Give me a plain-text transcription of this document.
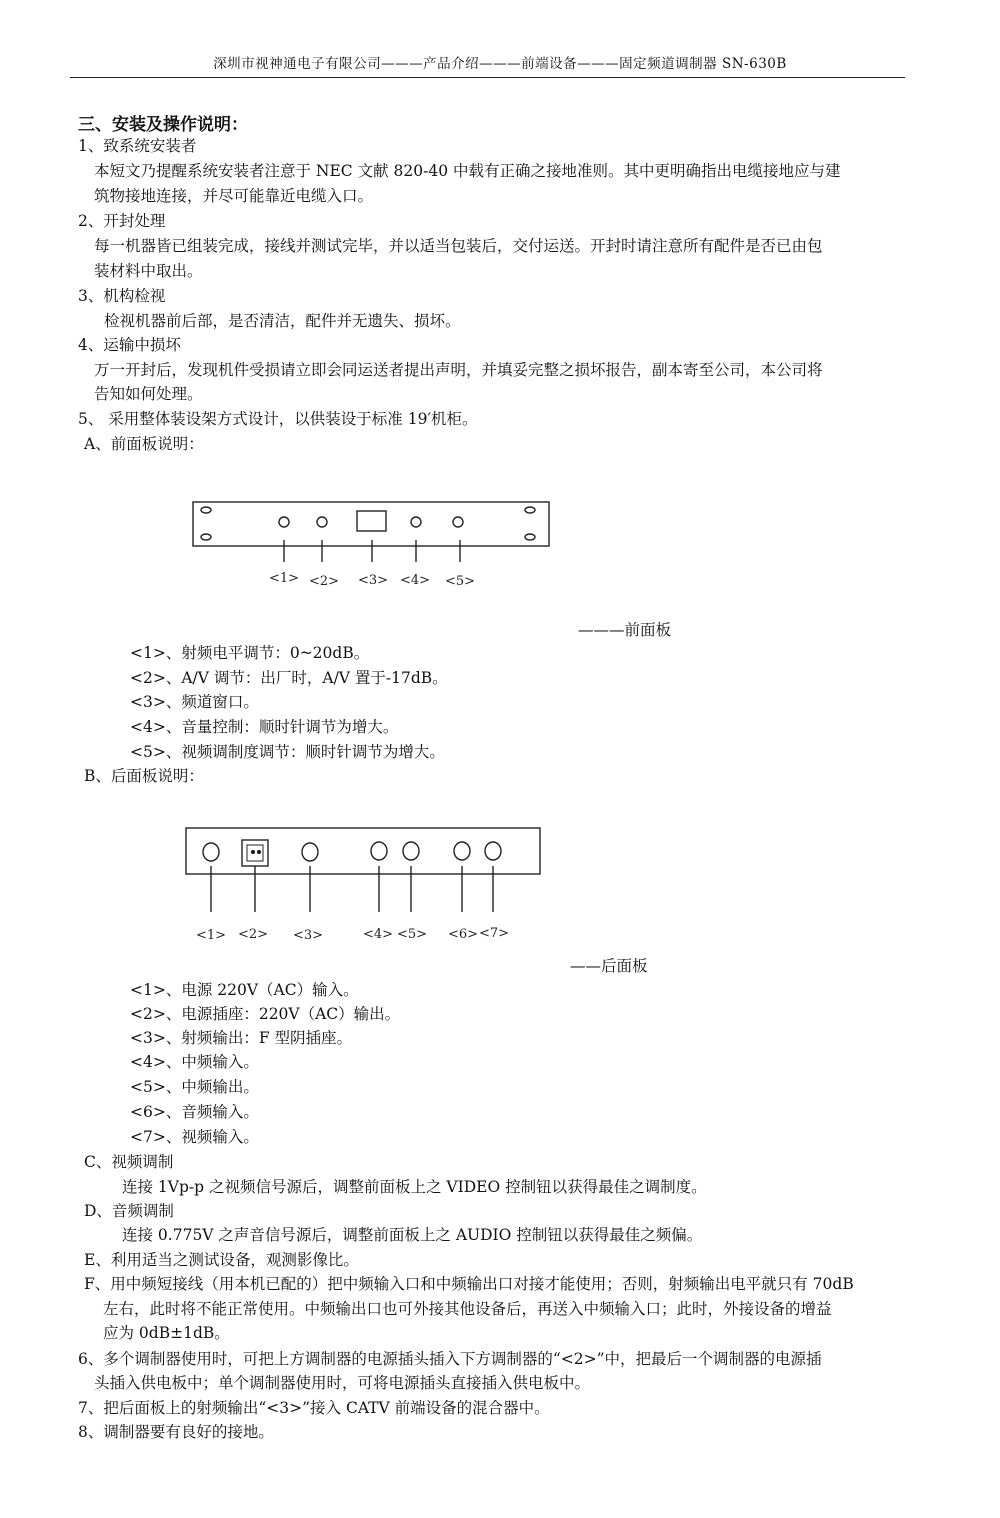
深圳市视神通电子有限公司———产品介绍———前端设备———固定频道调制器 SN-630B
三、安装及操作说明：
1、致系统安装者
本短文乃提醒系统安装者注意于 NEC 文献 820-40 中载有正确之接地准则。其中更明确指出电缆接地应与建
筑物接地连接，并尽可能靠近电缆入口。
2、开封处理
每一机器皆已组装完成，接线并测试完毕，并以适当包装后，交付运送。开封时请注意所有配件是否已由包
装材料中取出。
3、机构检视
检视机器前后部，是否清洁，配件并无遗失、损坏。
4、运输中损坏
万一开封后，发现机件受损请立即会同运送者提出声明，并填妥完整之损坏报告，副本寄至公司，本公司将
告知如何处理。
5、 采用整体装设架方式设计，以供装设于标准 19′机柜。
A、前面板说明：
<1> <2> <3> <4> <5>
<1> <2> <3>	<4> <5> <6> <7>
———前面板
<1>、射频电平调节：0~20dB。
<2>、A/V 调节：出厂时，A/V 置于-17dB。
<3>、频道窗口。
<4>、音量控制：顺时针调节为增大。
<5>、视频调制度调节：顺时针调节为增大。
B、后面板说明：
——后面板
<1>、电源 220V（AC）输入。
<2>、电源插座：220V（AC）输出。
<3>、射频输出：F 型阴插座。
<4>、中频输入。
<5>、中频输出。
<6>、音频输入。
<7>、视频输入。
C、视频调制
连接 1Vp-p 之视频信号源后，调整前面板上之 VIDEO 控制钮以获得最佳之调制度。
D、音频调制
连接 0.775V 之声音信号源后，调整前面板上之 AUDIO 控制钮以获得最佳之频偏。
E、利用适当之测试设备，观测影像比。
F、用中频短接线（用本机已配的）把中频输入口和中频输出口对接才能使用；否则，射频输出电平就只有 70dB
左右，此时将不能正常使用。中频输出口也可外接其他设备后，再送入中频输入口；此时，外接设备的增益
应为 0dB±1dB。
6、多个调制器使用时，可把上方调制器的电源插头插入下方调制器的“<2>”中，把最后一个调制器的电源插
头插入供电板中；单个调制器使用时，可将电源插头直接插入供电板中。
7、把后面板上的射频输出“<3>”接入 CATV 前端设备的混合器中。
8、调制器要有良好的接地。
